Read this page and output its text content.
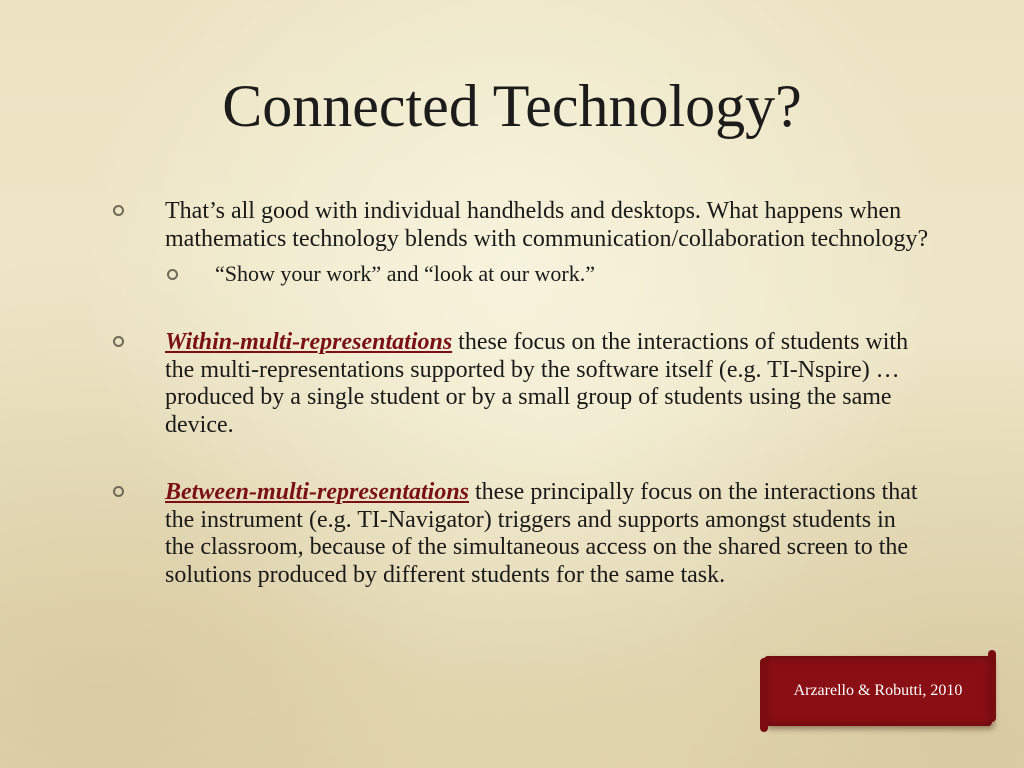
Connected Technology?

That’s all good with individual handhelds and desktops. What happens when mathematics technology blends with communication/collaboration technology?

“Show your work” and “look at our work.”

Within-multi-representations these focus on the interactions of students with the multi-representations supported by the software itself (e.g. TI-Nspire) … produced by a single student or by a small group of students using the same device.

Between-multi-representations these principally focus on the interactions that the instrument (e.g. TI-Navigator) triggers and supports amongst students in the classroom, because of the simultaneous access on the shared screen to the solutions produced by different students for the same task.

Arzarello & Robutti, 2010
